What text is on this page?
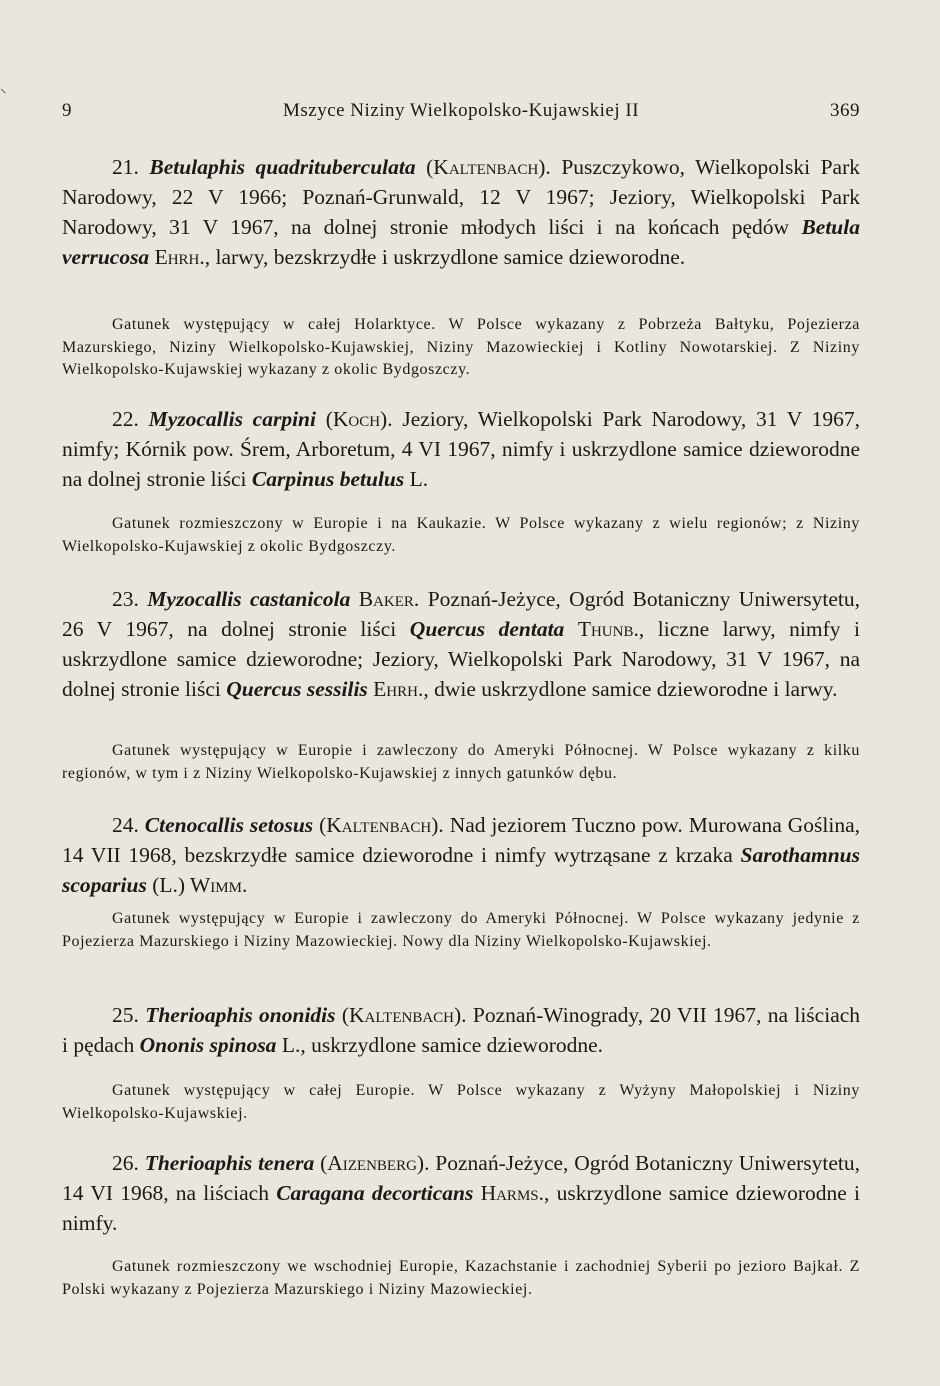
9	Mszyce Niziny Wielkopolsko-Kujawskiej II	369
21. Betulaphis quadrituberculata (Kaltenbach). Puszczykowo, Wielkopolski Park Narodowy, 22 V 1966; Poznań-Grunwald, 12 V 1967; Jeziory, Wielkopolski Park Narodowy, 31 V 1967, na dolnej stronie młodych liści i na końcach pędów Betula verrucosa Ehrh., larwy, bezskrzydłe i uskrzydlone samice dzieworodne.
Gatunek występujący w całej Holarktyce. W Polsce wykazany z Pobrzeża Bałtyku, Pojezierza Mazurskiego, Niziny Wielkopolsko-Kujawskiej, Niziny Mazowieckiej i Kotliny Nowotarskiej. Z Niziny Wielkopolsko-Kujawskiej wykazany z okolic Bydgoszczy.
22. Myzocallis carpini (Koch). Jeziory, Wielkopolski Park Narodowy, 31 V 1967, nimfy; Kórnik pow. Śrem, Arboretum, 4 VI 1967, nimfy i uskrzydlone samice dzieworodne na dolnej stronie liści Carpinus betulus L.
Gatunek rozmieszczony w Europie i na Kaukazie. W Polsce wykazany z wielu regionów; z Niziny Wielkopolsko-Kujawskiej z okolic Bydgoszczy.
23. Myzocallis castanicola Baker. Poznań-Jeżyce, Ogród Botaniczny Uniwersytetu, 26 V 1967, na dolnej stronie liści Quercus dentata Thunb., liczne larwy, nimfy i uskrzydlone samice dzieworodne; Jeziory, Wielkopolski Park Narodowy, 31 V 1967, na dolnej stronie liści Quercus sessilis Ehrh., dwie uskrzydlone samice dzieworodne i larwy.
Gatunek występujący w Europie i zawleczony do Ameryki Północnej. W Polsce wykazany z kilku regionów, w tym i z Niziny Wielkopolsko-Kujawskiej z innych gatunków dębu.
24. Ctenocallis setosus (Kaltenbach). Nad jeziorem Tuczno pow. Murowana Goślina, 14 VII 1968, bezskrzydłe samice dzieworodne i nimfy wytrząsane z krzaka Sarothamnus scoparius (L.) Wimm.
Gatunek występujący w Europie i zawleczony do Ameryki Północnej. W Polsce wykazany jedynie z Pojezierza Mazurskiego i Niziny Mazowieckiej. Nowy dla Niziny Wielkopolsko-Kujawskiej.
25. Therioaphis ononidis (Kaltenbach). Poznań-Winogrady, 20 VII 1967, na liściach i pędach Ononis spinosa L., uskrzydlone samice dzieworodne.
Gatunek występujący w całej Europie. W Polsce wykazany z Wyżyny Małopolskiej i Niziny Wielkopolsko-Kujawskiej.
26. Therioaphis tenera (Aizenberg). Poznań-Jeżyce, Ogród Botaniczny Uniwersytetu, 14 VI 1968, na liściach Caragana decorticans Harms., uskrzydlone samice dzieworodne i nimfy.
Gatunek rozmieszczony we wschodniej Europie, Kazachstanie i zachodniej Syberii po jezioro Bajkał. Z Polski wykazany z Pojezierza Mazurskiego i Niziny Mazowieckiej.
